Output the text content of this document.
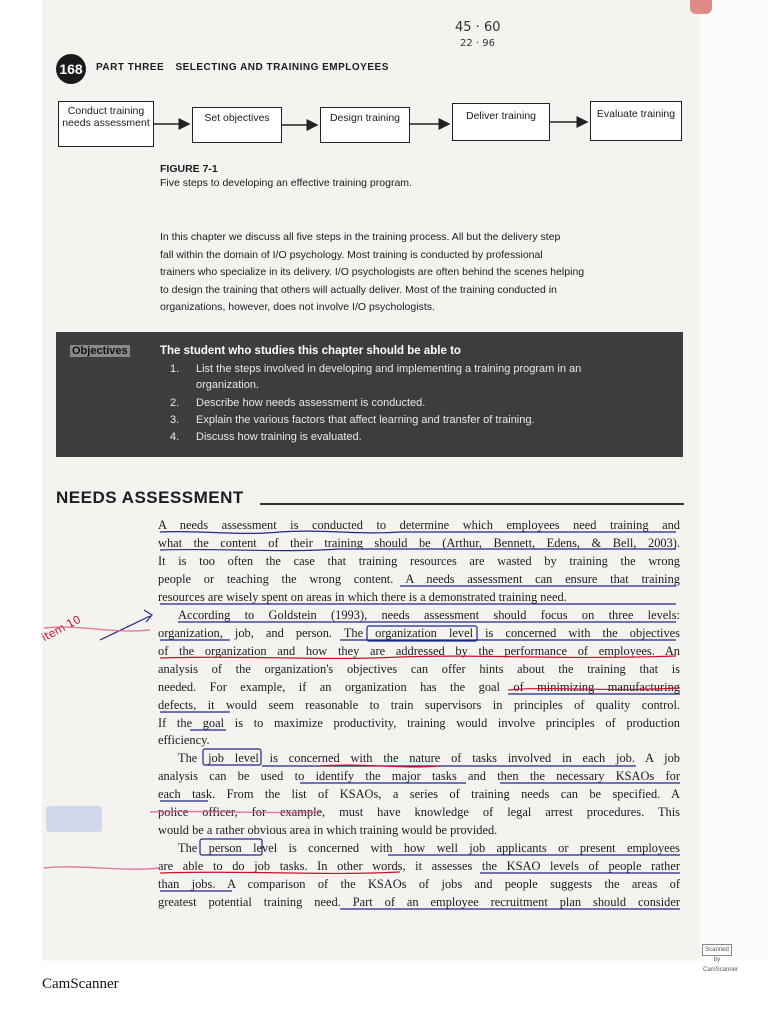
45 · 60
22 · 96
168	PART THREE SELECTING AND TRAINING EMPLOYEES
Conduct training needs assessment	Set objectives	Design training	Deliver training	Evaluate training
FIGURE 7-1
Five steps to developing an effective training program.
In this chapter we discuss all five steps in the training process. All but the delivery step
fall within the domain of I/O psychology. Most training is conducted by professional
trainers who specialize in its delivery. I/O psychologists are often behind the scenes helping
to design the training that others will actually deliver. Most of the training conducted in
organizations, however, does not involve I/O psychologists.
Objectives	The student who studies this chapter should be able to
1. List the steps involved in developing and implementing a training program in an
organization.
2. Describe how needs assessment is conducted.
3. Explain the various factors that affect learning and transfer of training.
4. Discuss how training is evaluated.
NEEDS ASSESSMENT
A needs assessment is conducted to determine which employees need training and
what the content of their training should be (Arthur, Bennett, Edens, & Bell, 2003).
It is too often the case that training resources are wasted by training the wrong
people or teaching the wrong content. A needs assessment can ensure that training
resources are wisely spent on areas in which there is a demonstrated training need.
According to Goldstein (1993), needs assessment should focus on three levels:
organization, job, and person. The organization level is concerned with the objectives
of the organization and how they are addressed by the performance of employees. An
analysis of the organization's objectives can offer hints about the training that is
needed. For example, if an organization has the goal of minimizing manufacturing
defects, it would seem reasonable to train supervisors in principles of quality control.
If the goal is to maximize productivity, training would involve principles of production
efficiency.
The job level is concerned with the nature of tasks involved in each job. A job
analysis can be used to identify the major tasks and then the necessary KSAOs for
each task. From the list of KSAOs, a series of training needs can be specified. A
police officer, for example, must have knowledge of legal arrest procedures. This
would be a rather obvious area in which training would be provided.
The person level is concerned with how well job applicants or present employees
are able to do job tasks. In other words, it assesses the KSAO levels of people rather
than jobs. A comparison of the KSAOs of jobs and people suggests the areas of
greatest potential training need. Part of an employee recruitment plan should consider
item 10
CamScanner
Scanned by CamScanner
